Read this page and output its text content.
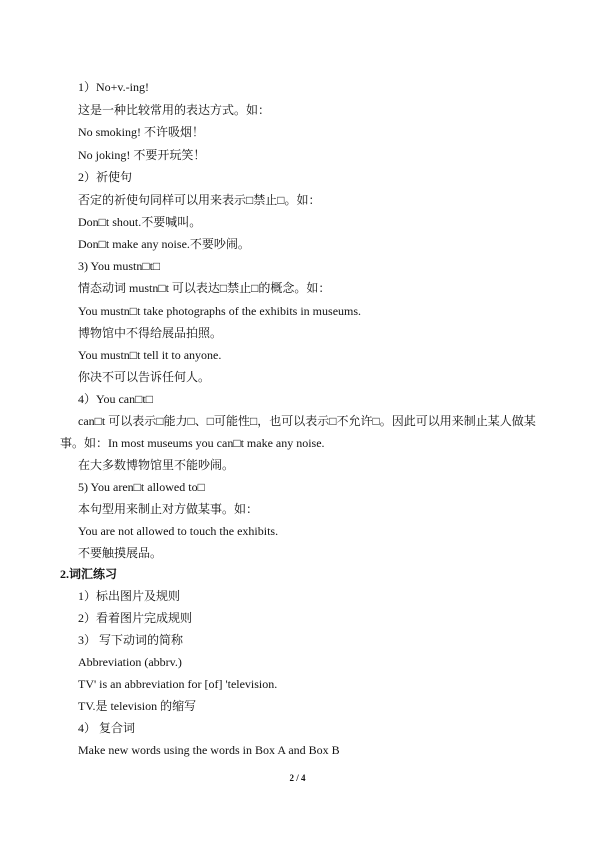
1）No+v.-ing!
这是一种比较常用的表达方式。如：
No smoking! 不许吸烟！
No joking! 不要开玩笑！
2）祈使句
否定的祈使句同样可以用来表示□禁止□。如：
Don□t shout.不要喊叫。
Don□t make any noise.不要吵闹。
3) You mustn□t□
情态动词 mustn□t 可以表达□禁止□的概念。如：
You mustn□t take photographs of the exhibits in museums.
博物馆中不得给展品拍照。
You mustn□t tell it to anyone.
你决不可以告诉任何人。
4）You can□t□
can□t 可以表示□能力□、□可能性□，也可以表示□不允许□。因此可以用来制止某人做某
事。如：In most museums you can□t make any noise.
在大多数博物馆里不能吵闹。
5) You aren□t allowed to□
本句型用来制止对方做某事。如：
You are not allowed to touch the exhibits.
不要触摸展品。
2.词汇练习
1）标出图片及规则
2）看着图片完成规则
3） 写下动词的简称
Abbreviation (abbrv.)
TV' is an abbreviation for [of] 'television.
TV.是 television 的缩写
4） 复合词
Make new words using the words in Box A and Box B
2 / 4
